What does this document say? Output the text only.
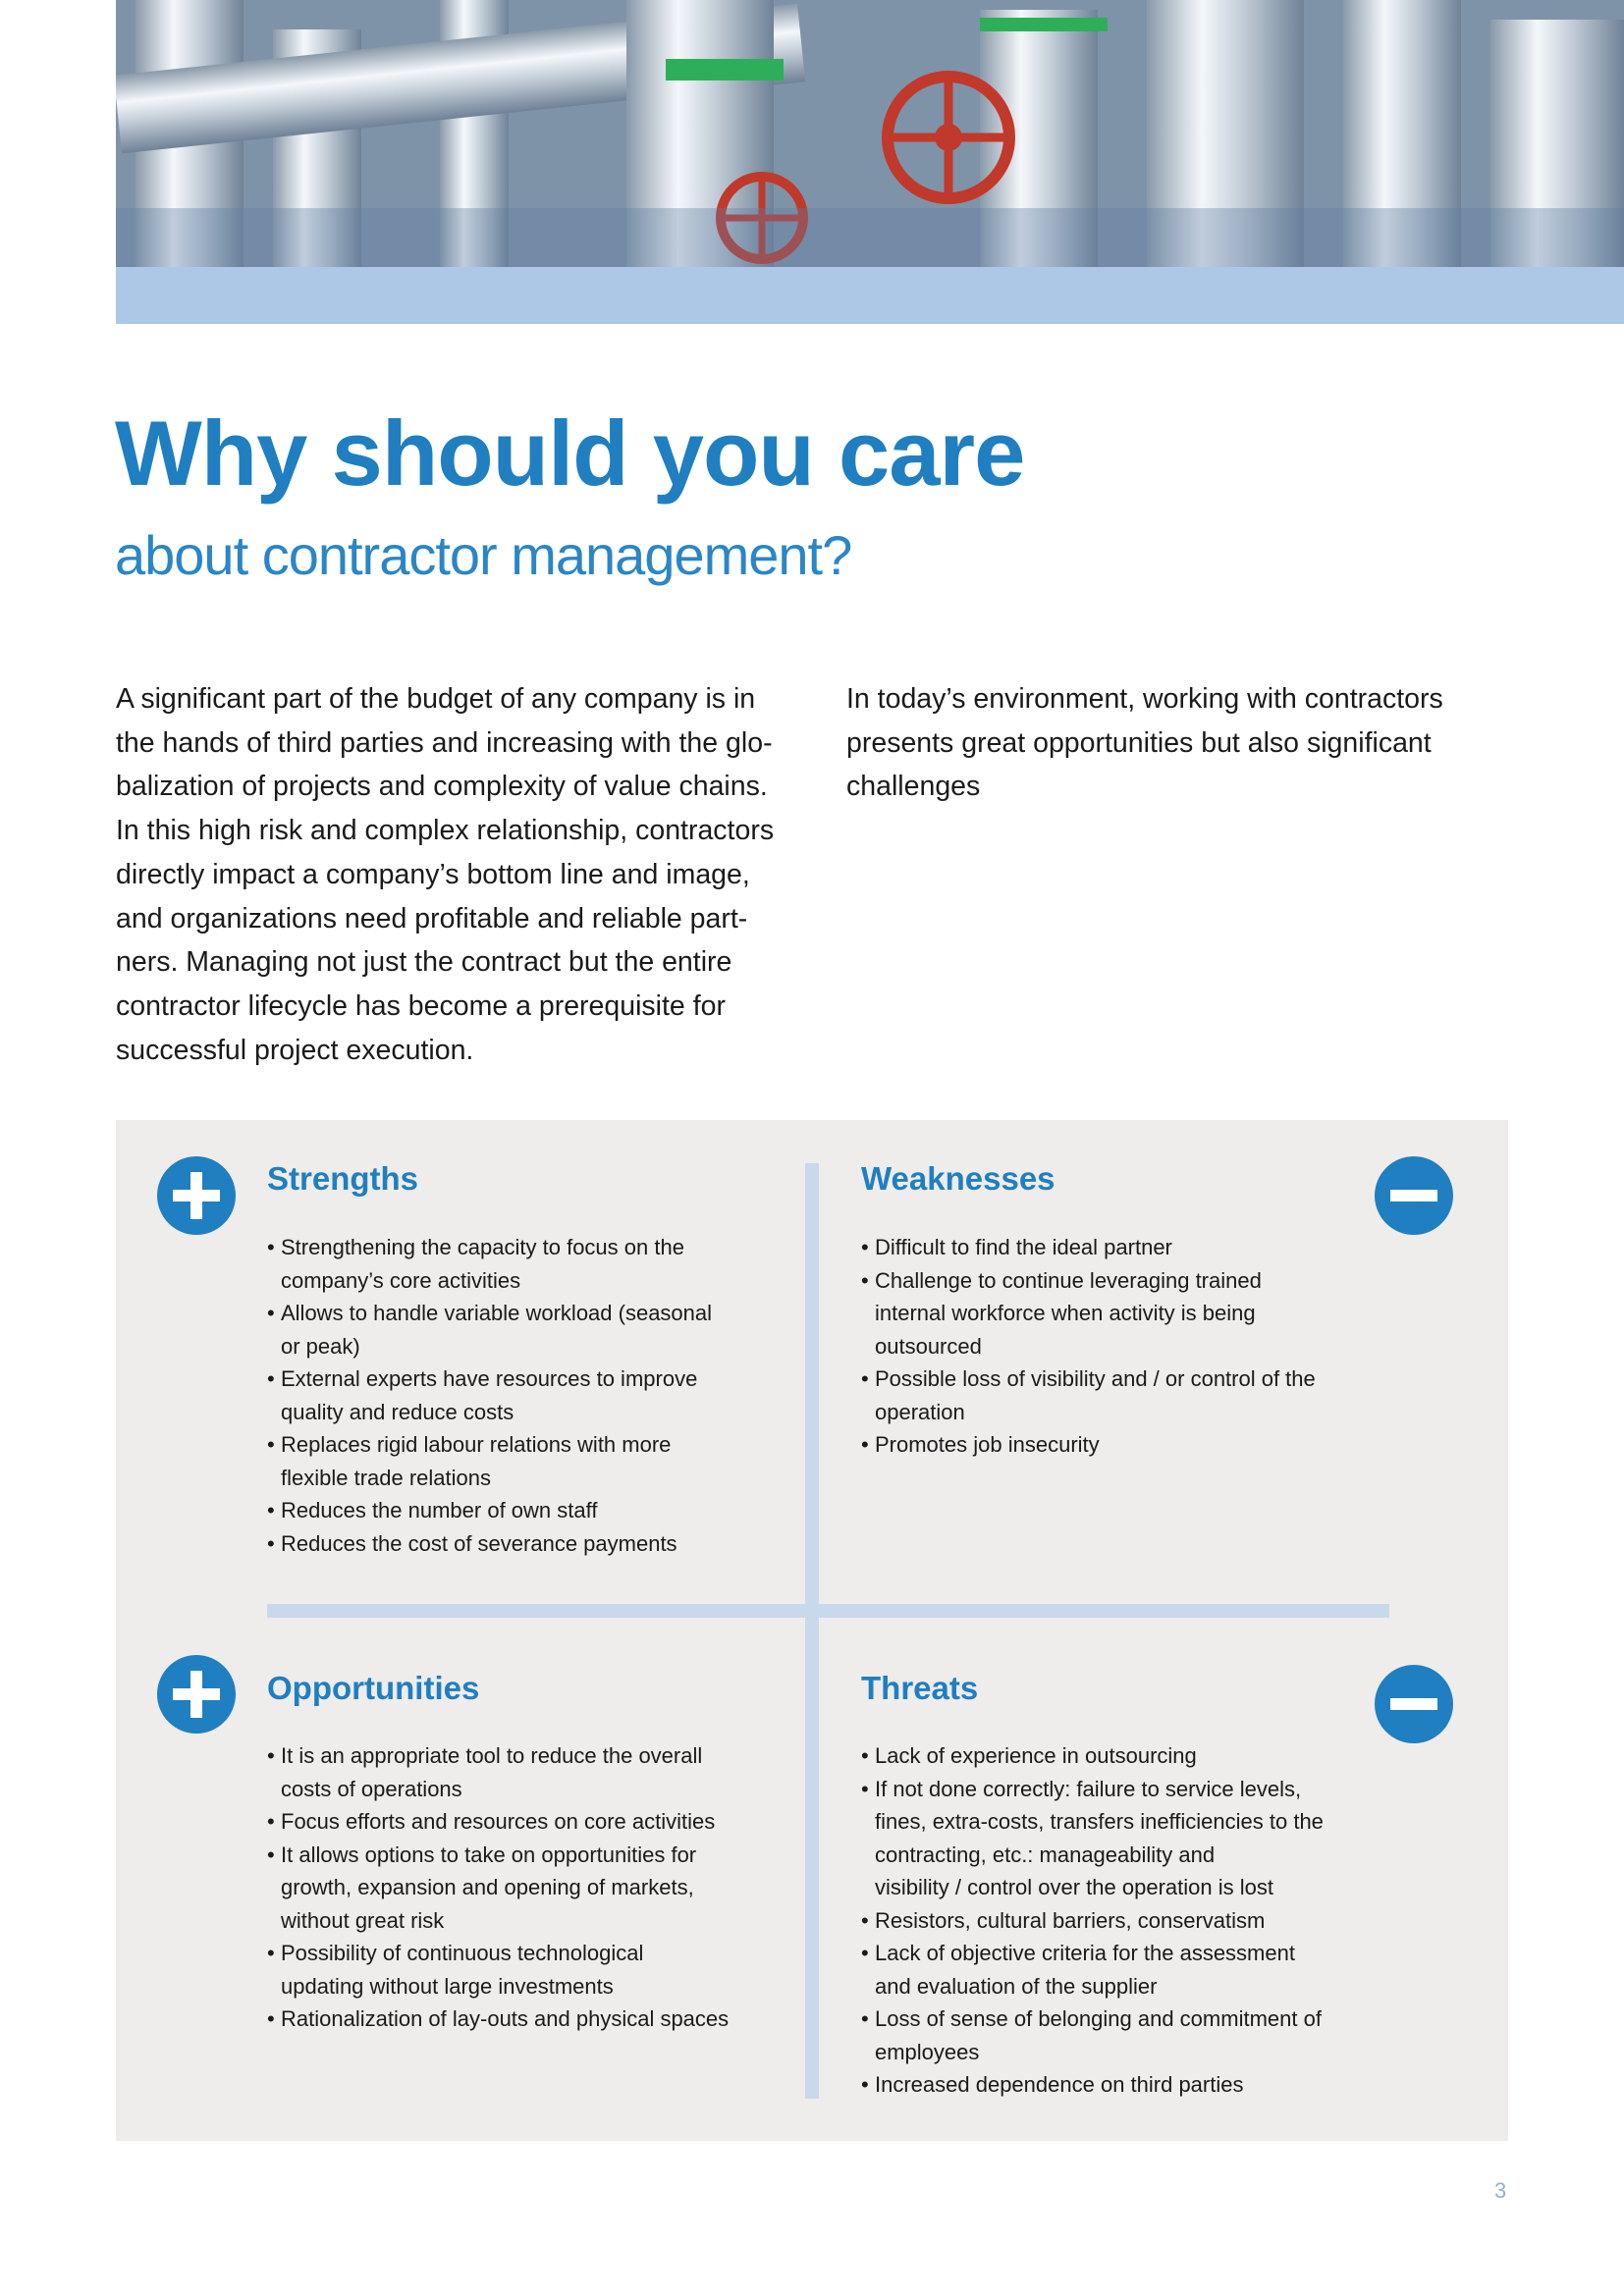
Why should you care
about contractor management?
A significant part of the budget of any company is in
the hands of third parties and increasing with the glo-
balization of projects and complexity of value chains.
In this high risk and complex relationship, contractors
directly impact a company’s bottom line and image,
and organizations need profitable and reliable part-
ners. Managing not just the contract but the entire
contractor lifecycle has become a prerequisite for
successful project execution.
In today’s environment, working with contractors
presents great opportunities but also significant
challenges
Strengths
• Strengthening the capacity to focus on the
company’s core activities
• Allows to handle variable workload (seasonal
or peak)
• External experts have resources to improve
quality and reduce costs
• Replaces rigid labour relations with more
flexible trade relations
• Reduces the number of own staff
• Reduces the cost of severance payments
Weaknesses
• Difficult to find the ideal partner
• Challenge to continue leveraging trained
internal workforce when activity is being
outsourced
• Possible loss of visibility and / or control of the
operation
• Promotes job insecurity
Opportunities
• It is an appropriate tool to reduce the overall
costs of operations
• Focus efforts and resources on core activities
• It allows options to take on opportunities for
growth, expansion and opening of markets,
without great risk
• Possibility of continuous technological
updating without large investments
• Rationalization of lay-outs and physical spaces
Threats
• Lack of experience in outsourcing
• If not done correctly: failure to service levels,
fines, extra-costs, transfers inefficiencies to the
contracting, etc.: manageability and
visibility / control over the operation is lost
• Resistors, cultural barriers, conservatism
• Lack of objective criteria for the assessment
and evaluation of the supplier
• Loss of sense of belonging and commitment of
employees
• Increased dependence on third parties
3
